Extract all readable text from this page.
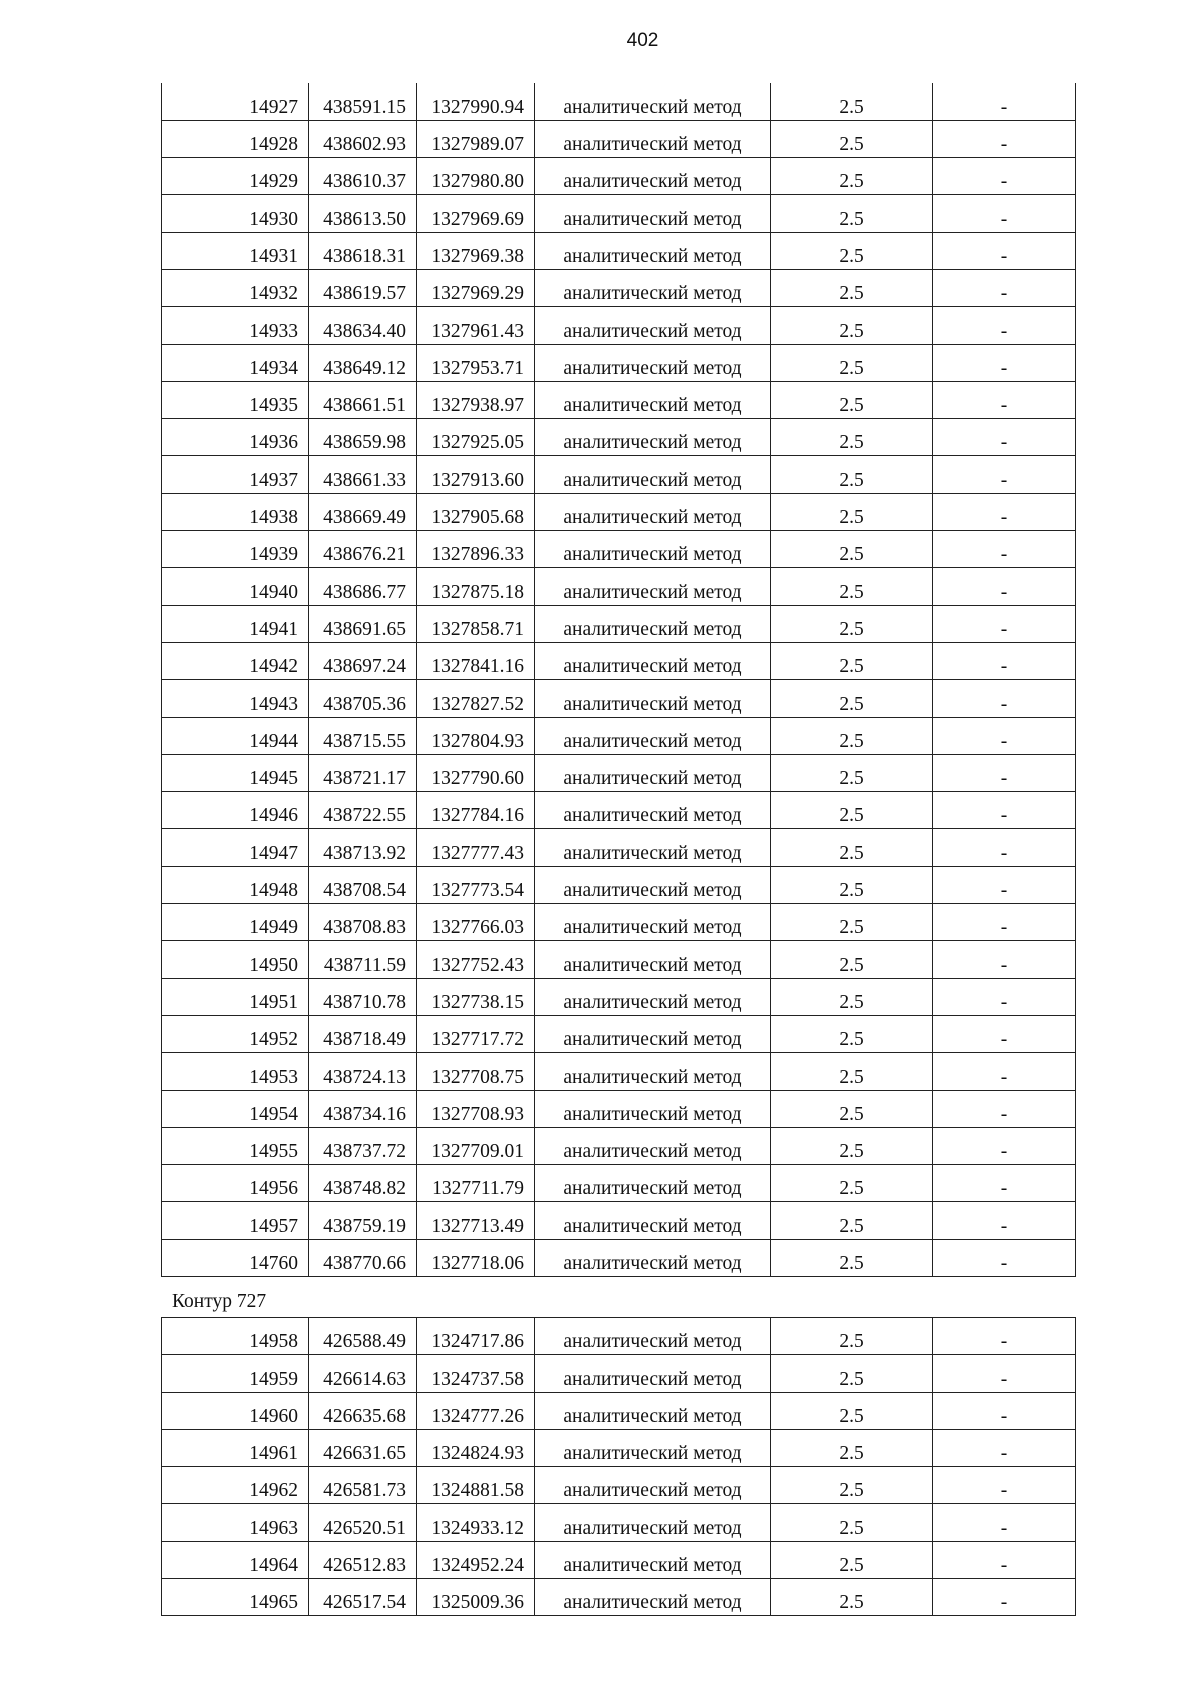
402
14927	438591.15	1327990.94	аналитический метод	2.5	-
14928	438602.93	1327989.07	аналитический метод	2.5	-
14929	438610.37	1327980.80	аналитический метод	2.5	-
14930	438613.50	1327969.69	аналитический метод	2.5	-
14931	438618.31	1327969.38	аналитический метод	2.5	-
14932	438619.57	1327969.29	аналитический метод	2.5	-
14933	438634.40	1327961.43	аналитический метод	2.5	-
14934	438649.12	1327953.71	аналитический метод	2.5	-
14935	438661.51	1327938.97	аналитический метод	2.5	-
14936	438659.98	1327925.05	аналитический метод	2.5	-
14937	438661.33	1327913.60	аналитический метод	2.5	-
14938	438669.49	1327905.68	аналитический метод	2.5	-
14939	438676.21	1327896.33	аналитический метод	2.5	-
14940	438686.77	1327875.18	аналитический метод	2.5	-
14941	438691.65	1327858.71	аналитический метод	2.5	-
14942	438697.24	1327841.16	аналитический метод	2.5	-
14943	438705.36	1327827.52	аналитический метод	2.5	-
14944	438715.55	1327804.93	аналитический метод	2.5	-
14945	438721.17	1327790.60	аналитический метод	2.5	-
14946	438722.55	1327784.16	аналитический метод	2.5	-
14947	438713.92	1327777.43	аналитический метод	2.5	-
14948	438708.54	1327773.54	аналитический метод	2.5	-
14949	438708.83	1327766.03	аналитический метод	2.5	-
14950	438711.59	1327752.43	аналитический метод	2.5	-
14951	438710.78	1327738.15	аналитический метод	2.5	-
14952	438718.49	1327717.72	аналитический метод	2.5	-
14953	438724.13	1327708.75	аналитический метод	2.5	-
14954	438734.16	1327708.93	аналитический метод	2.5	-
14955	438737.72	1327709.01	аналитический метод	2.5	-
14956	438748.82	1327711.79	аналитический метод	2.5	-
14957	438759.19	1327713.49	аналитический метод	2.5	-
14760	438770.66	1327718.06	аналитический метод	2.5	-
Контур 727
14958	426588.49	1324717.86	аналитический метод	2.5	-
14959	426614.63	1324737.58	аналитический метод	2.5	-
14960	426635.68	1324777.26	аналитический метод	2.5	-
14961	426631.65	1324824.93	аналитический метод	2.5	-
14962	426581.73	1324881.58	аналитический метод	2.5	-
14963	426520.51	1324933.12	аналитический метод	2.5	-
14964	426512.83	1324952.24	аналитический метод	2.5	-
14965	426517.54	1325009.36	аналитический метод	2.5	-
